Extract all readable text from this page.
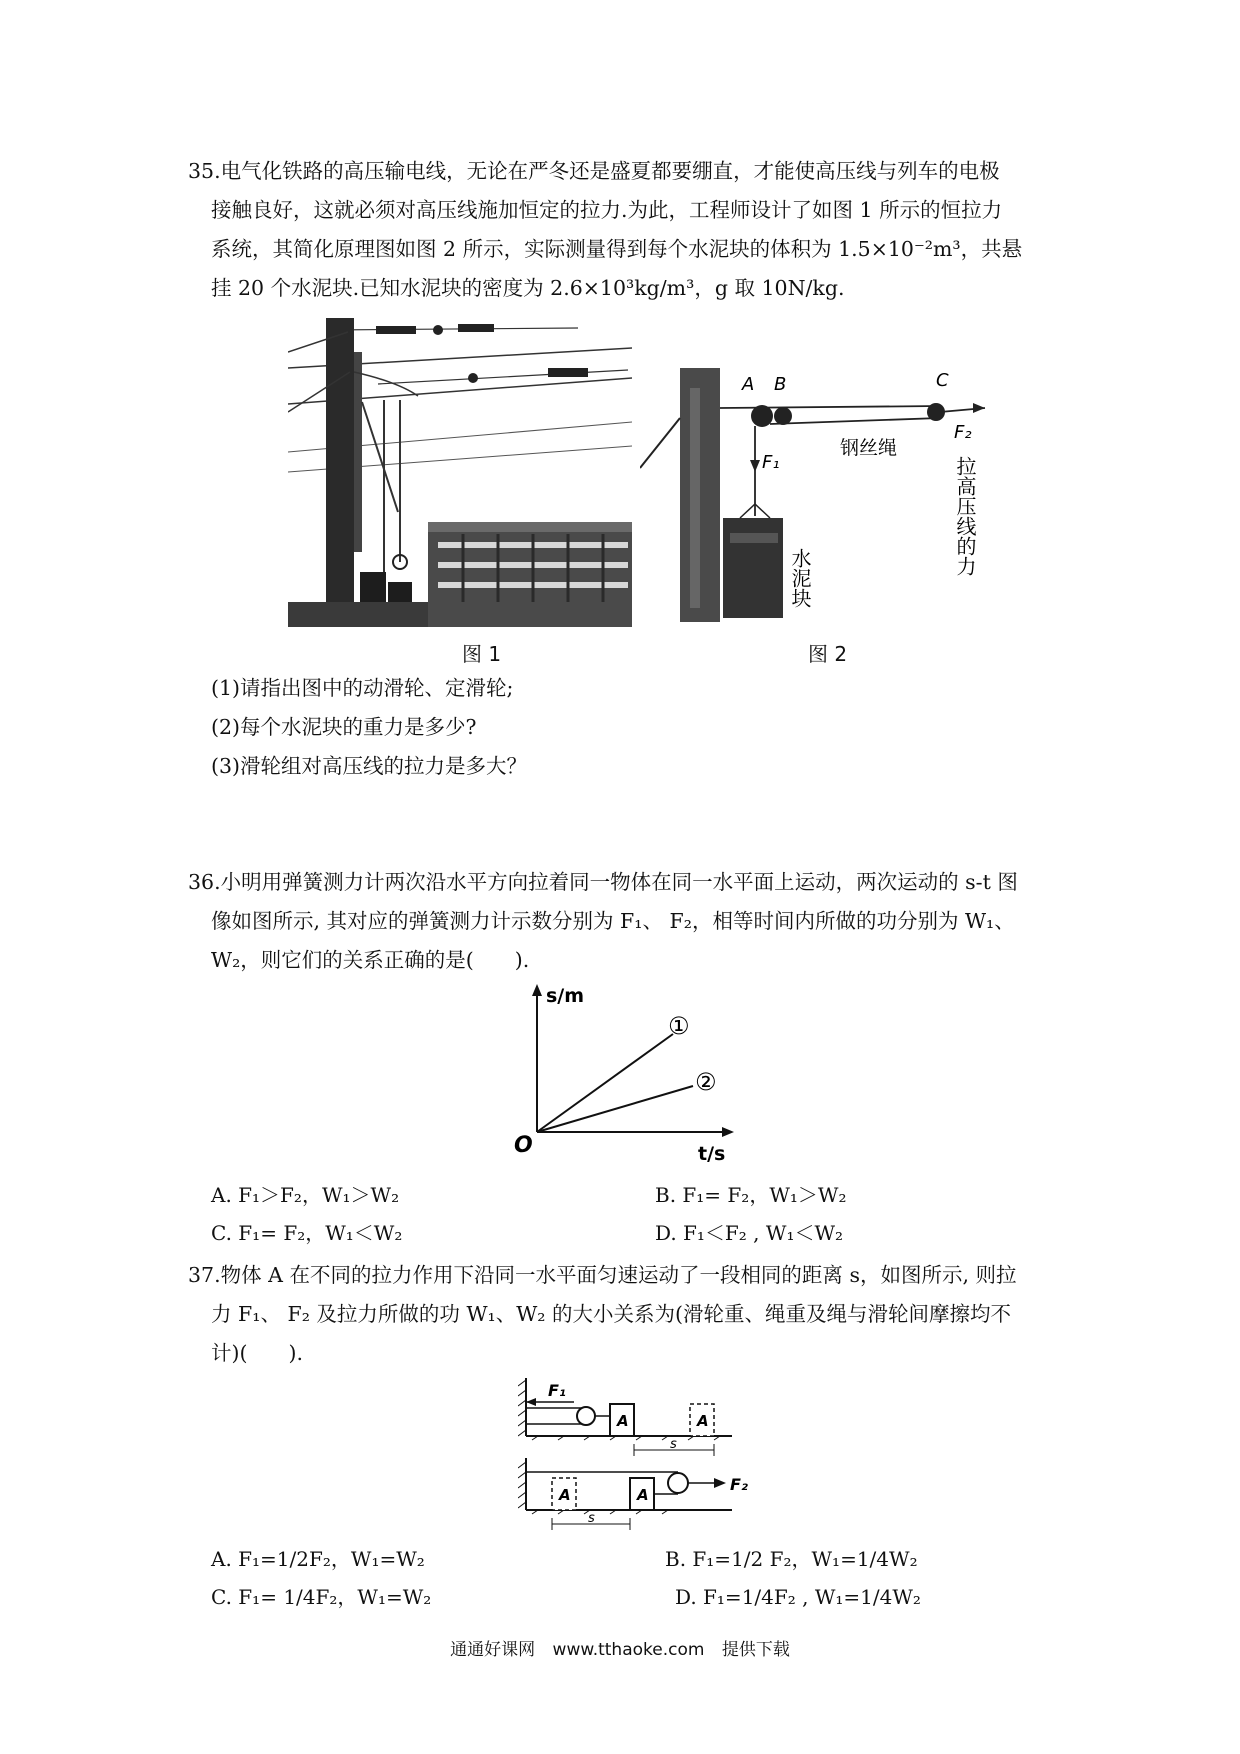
35.电气化铁路的高压输电线，无论在严冬还是盛夏都要绷直，才能使高压线与列车的电极
接触良好，这就必须对高压线施加恒定的拉力.为此，工程师设计了如图 1 所示的恒拉力
系统，其简化原理图如图 2 所示，实际测量得到每个水泥块的体积为 1.5×10⁻²m³，共悬
挂 20 个水泥块.已知水泥块的密度为 2.6×10³kg/m³，g 取 10N/kg.
A B	C
F₁
F₂
钢丝绳
水泥块
拉高压线的力
图 1	图 2
(1)请指出图中的动滑轮、定滑轮;
(2)每个水泥块的重力是多少?
(3)滑轮组对高压线的拉力是多大？
36.小明用弹簧测力计两次沿水平方向拉着同一物体在同一水平面上运动，两次运动的 s-t 图
像如图所示, 其对应的弹簧测力计示数分别为 F₁、 F₂，相等时间内所做的功分别为 W₁、
W₂，则它们的关系正确的是(　　).
s/m
t/s
O
①
②
A. F₁＞F₂，W₁＞W₂	B. F₁= F₂，W₁＞W₂
C. F₁= F₂，W₁＜W₂	D. F₁＜F₂ , W₁＜W₂
37.物体 A 在不同的拉力作用下沿同一水平面匀速运动了一段相同的距离 s，如图所示, 则拉
力 F₁、 F₂ 及拉力所做的功 W₁、W₂ 的大小关系为(滑轮重、绳重及绳与滑轮间摩擦均不
计)(　　).
F₁
F₂
A	A
A	A
s
s
A. F₁=1/2F₂，W₁=W₂	B. F₁=1/2 F₂，W₁=1/4W₂
C. F₁= 1/4F₂，W₁=W₂	D. F₁=1/4F₂ , W₁=1/4W₂
通通好课网 www.tthaoke.com 提供下载
